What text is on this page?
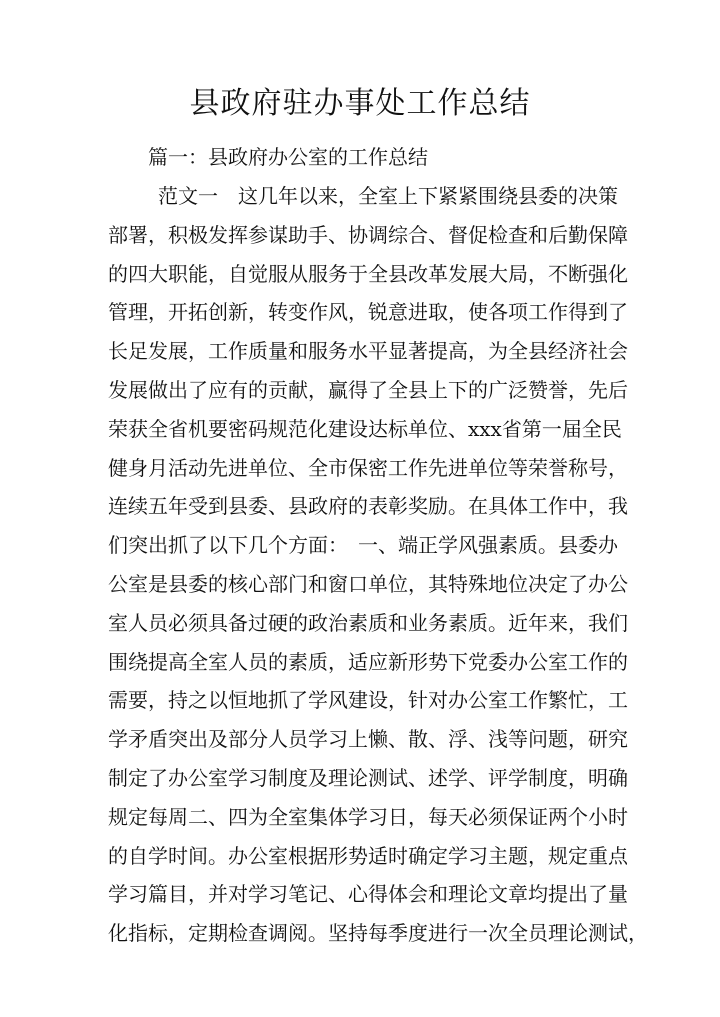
县政府驻办事处工作总结

篇一：县政府办公室的工作总结

范文一　这几年以来，全室上下紧紧围绕县委的决策
部署，积极发挥参谋助手、协调综合、督促检查和后勤保障
的四大职能，自觉服从服务于全县改革发展大局，不断强化
管理，开拓创新，转变作风，锐意进取，使各项工作得到了
长足发展，工作质量和服务水平显著提高，为全县经济社会
发展做出了应有的贡献，赢得了全县上下的广泛赞誉，先后
荣获全省机要密码规范化建设达标单位、xxx省第一届全民
健身月活动先进单位、全市保密工作先进单位等荣誉称号，
连续五年受到县委、县政府的表彰奖励。在具体工作中，我
们突出抓了以下几个方面：　一、端正学风强素质。县委办
公室是县委的核心部门和窗口单位，其特殊地位决定了办公
室人员必须具备过硬的政治素质和业务素质。近年来，我们
围绕提高全室人员的素质，适应新形势下党委办公室工作的
需要，持之以恒地抓了学风建设，针对办公室工作繁忙，工
学矛盾突出及部分人员学习上懒、散、浮、浅等问题，研究
制定了办公室学习制度及理论测试、述学、评学制度，明确
规定每周二、四为全室集体学习日，每天必须保证两个小时
的自学时间。办公室根据形势适时确定学习主题，规定重点
学习篇目，并对学习笔记、心得体会和理论文章均提出了量
化指标，定期检查调阅。坚持每季度进行一次全员理论测试，
